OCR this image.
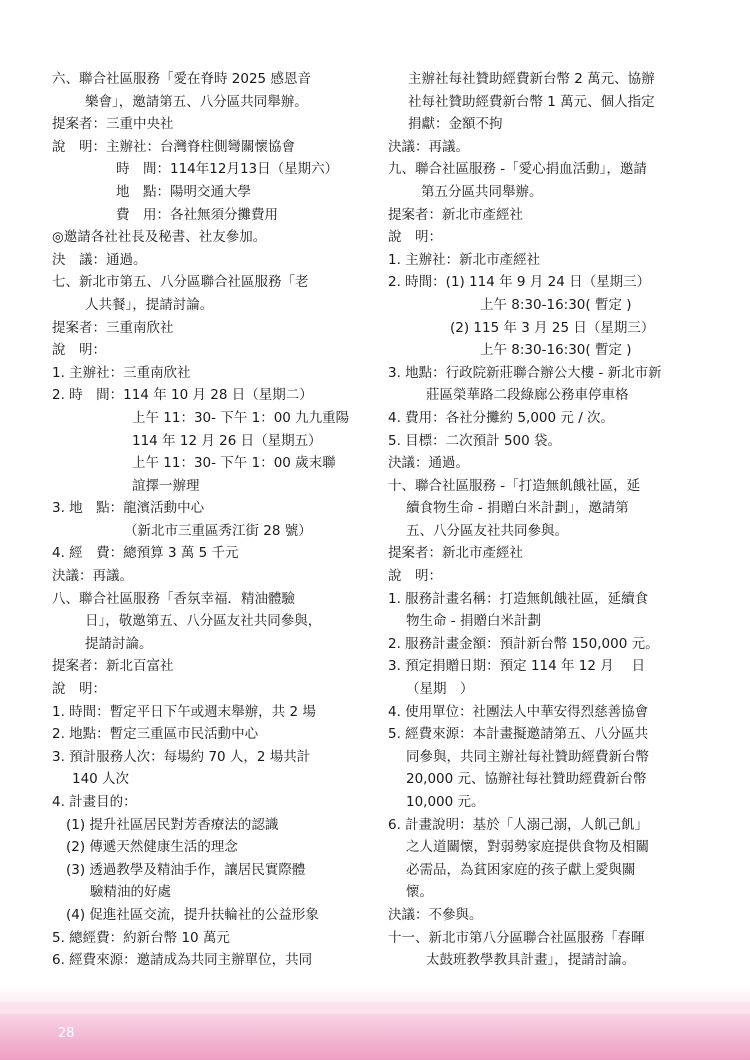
六、聯合社區服務「愛在脊時 2025 感恩音
樂會」，邀請第五、八分區共同舉辦。
提案者：三重中央社
說　明：主辦社：台灣脊柱側彎關懷協會
時　間：114年12月13日（星期六）
地　點：陽明交通大學
費　用：各社無須分攤費用
◎邀請各社社長及秘書、社友參加。
決　議：通過。
七、新北市第五、八分區聯合社區服務「老
人共餐」，提請討論。
提案者：三重南欣社
說　明：
1. 主辦社：三重南欣社
2. 時　間：114 年 10 月 28 日（星期二）
上午 11：30- 下午 1：00 九九重陽
114 年 12 月 26 日（星期五）
上午 11：30- 下午 1：00 歲末聯
誼擇一辦理
3. 地　點：龍濱活動中心
（新北市三重區秀江街 28 號）
4. 經　費：總預算 3 萬 5 千元
決議：再議。
八、聯合社區服務「香氛幸福．精油體驗
日」，敬邀第五、八分區友社共同參與，
提請討論。
提案者：新北百富社
說　明：
1. 時間：暫定平日下午或週末舉辦，共 2 場
2. 地點：暫定三重區市民活動中心
3. 預計服務人次：每場約 70 人，2 場共計
140 人次
4. 計畫目的：
(1) 提升社區居民對芳香療法的認識
(2) 傳遞天然健康生活的理念
(3) 透過教學及精油手作，讓居民實際體
驗精油的好處
(4) 促進社區交流，提升扶輪社的公益形象
5. 總經費：約新台幣 10 萬元
6. 經費來源：邀請成為共同主辦單位，共同
主辦社每社贊助經費新台幣 2 萬元、協辦
社每社贊助經費新台幣 1 萬元、個人指定
捐獻：金額不拘
決議：再議。
九、聯合社區服務 -「愛心捐血活動」，邀請
第五分區共同舉辦。
提案者：新北市產經社
說　明：
1. 主辦社：新北市產經社
2. 時間：(1) 114 年 9 月 24 日（星期三）
上午 8:30-16:30( 暫定 )
(2) 115 年 3 月 25 日（星期三）
上午 8:30-16:30( 暫定 )
3. 地點：行政院新莊聯合辦公大樓 - 新北市新
莊區榮華路二段綠廊公務車停車格
4. 費用：各社分攤約 5,000 元 / 次。
5. 目標：二次預計 500 袋。
決議：通過。
十、聯合社區服務 -「打造無飢餓社區，延
續食物生命 - 捐贈白米計劃」，邀請第
五、八分區友社共同參與。
提案者：新北市產經社
說　明：
1. 服務計畫名稱：打造無飢餓社區，延續食
物生命 - 捐贈白米計劃
2. 服務計畫金額：預計新台幣 150,000 元。
3. 預定捐贈日期：預定 114 年 12 月　 日
（星期　）
4. 使用單位：社團法人中華安得烈慈善協會
5. 經費來源：本計畫擬邀請第五、八分區共
同參與，共同主辦社每社贊助經費新台幣
20,000 元、協辦社每社贊助經費新台幣
10,000 元。
6. 計畫說明：基於「人溺己溺，人飢己飢」
之人道關懷，對弱勢家庭提供食物及相關
必需品，為貧困家庭的孩子獻上愛與關
懷。
決議：不參與。
十一、新北市第八分區聯合社區服務「春暉
太鼓班教學教具計畫」，提請討論。
28
